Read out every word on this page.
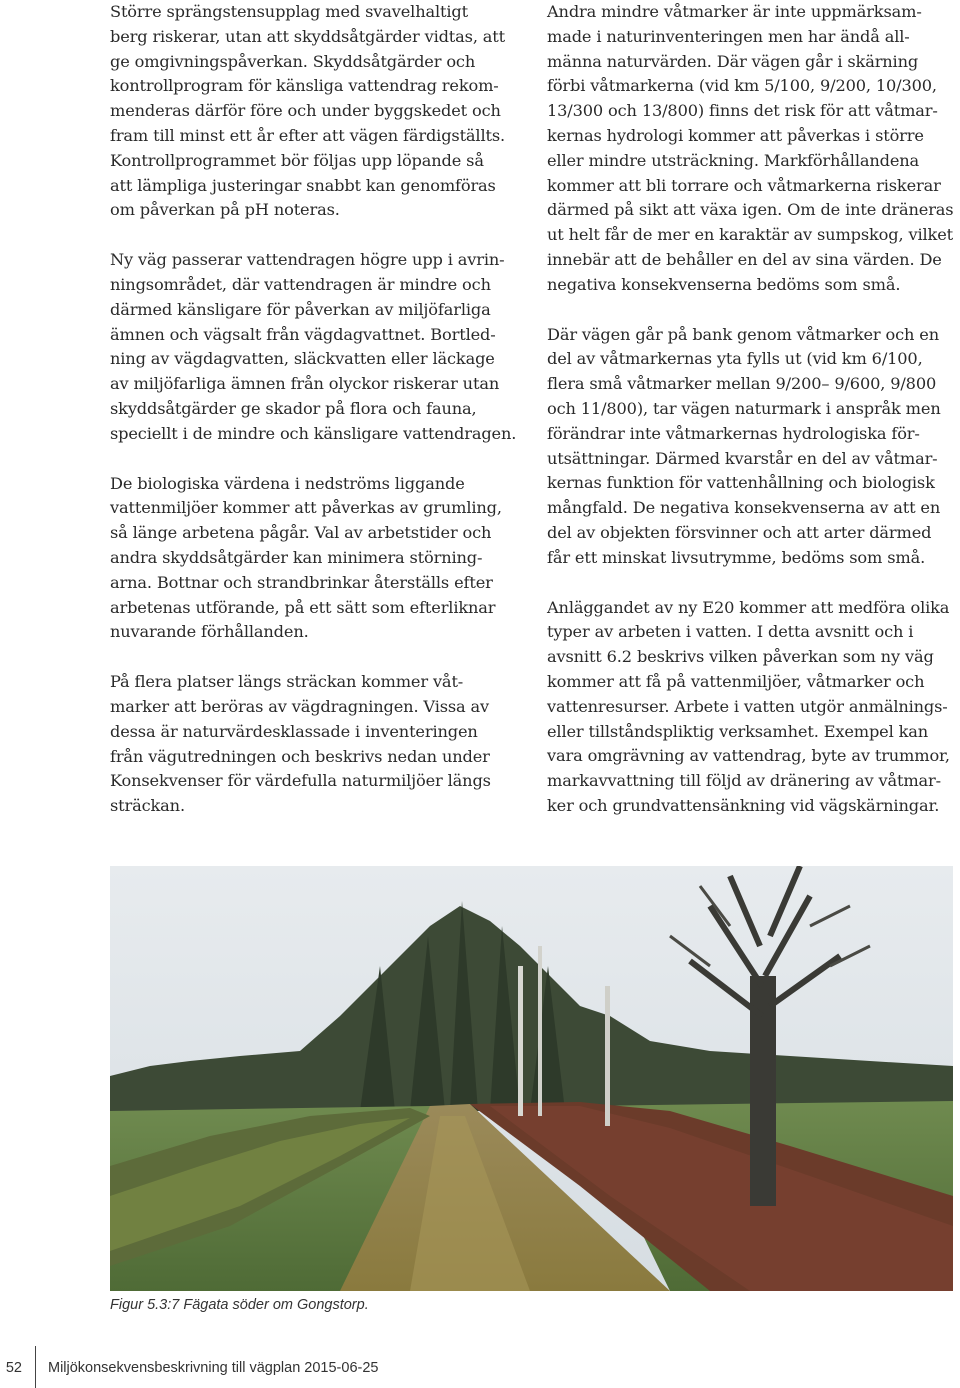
Större sprängstensupplag med svavelhaltigt
berg riskerar, utan att skyddsåtgärder vidtas, att
ge omgivningspåverkan. Skyddsåtgärder och
kontrollprogram för känsliga vattendrag rekom-
menderas därför före och under byggskedet och
fram till minst ett år efter att vägen färdigställts.
Kontrollprogrammet bör följas upp löpande så
att lämpliga justeringar snabbt kan genomföras
om påverkan på pH noteras.

Ny väg passerar vattendragen högre upp i avrin-
ningsområdet, där vattendragen är mindre och
därmed känsligare för påverkan av miljöfarliga
ämnen och vägsalt från vägdagvattnet. Bortled-
ning av vägdagvatten, släckvatten eller läckage
av miljöfarliga ämnen från olyckor riskerar utan
skyddsåtgärder ge skador på flora och fauna,
speciellt i de mindre och känsligare vattendragen.

De biologiska värdena i nedströms liggande
vattenmiljöer kommer att påverkas av grumling,
så länge arbetena pågår. Val av arbetstider och
andra skyddsåtgärder kan minimera störning-
arna. Bottnar och strandbrinkar återställs efter
arbetenas utförande, på ett sätt som efterliknar
nuvarande förhållanden.

På flera platser längs sträckan kommer våt-
marker att beröras av vägdragningen. Vissa av
dessa är naturvärdesklassade i inventeringen
från vägutredningen och beskrivs nedan under
Konsekvenser för värdefulla naturmiljöer längs
sträckan.

Andra mindre våtmarker är inte uppmärksam-
made i naturinventeringen men har ändå all-
männa naturvärden. Där vägen går i skärning
förbi våtmarkerna (vid km 5/100, 9/200, 10/300,
13/300 och 13/800) finns det risk för att våtmar-
kernas hydrologi kommer att påverkas i större
eller mindre utsträckning. Markförhållandena
kommer att bli torrare och våtmarkerna riskerar
därmed på sikt att växa igen. Om de inte dräneras
ut helt får de mer en karaktär av sumpskog, vilket
innebär att de behåller en del av sina värden. De
negativa konsekvenserna bedöms som små.

Där vägen går på bank genom våtmarker och en
del av våtmarkernas yta fylls ut (vid km 6/100,
flera små våtmarker mellan 9/200– 9/600, 9/800
och 11/800), tar vägen naturmark i anspråk men
förändrar inte våtmarkernas hydrologiska för-
utsättningar. Därmed kvarstår en del av våtmar-
kernas funktion för vattenhållning och biologisk
mångfald. De negativa konsekvenserna av att en
del av objekten försvinner och att arter därmed
får ett minskat livsutrymme, bedöms som små.

Anläggandet av ny E20 kommer att medföra olika
typer av arbeten i vatten. I detta avsnitt och i
avsnitt 6.2 beskrivs vilken påverkan som ny väg
kommer att få på vattenmiljöer, våtmarker och
vattenresurser. Arbete i vatten utgör anmälnings-
eller tillståndspliktig verksamhet. Exempel kan
vara omgrävning av vattendrag, byte av trummor,
markavvattning till följd av dränering av våtmar-
ker och grundvattensänkning vid vägskärningar.

Figur 5.3:7 Fägata söder om Gongstorp.
52 Miljökonsekvensbeskrivning till vägplan 2015-06-25
